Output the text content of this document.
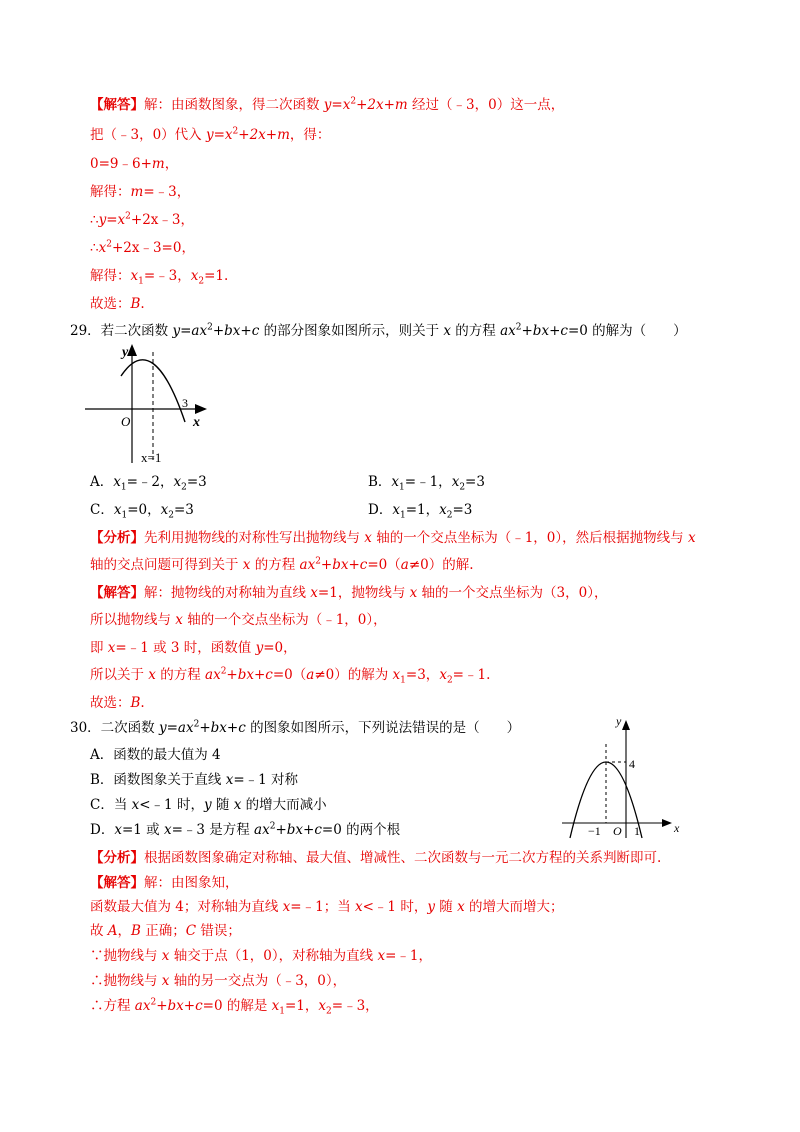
【解答】解：由函数图象，得二次函数 $y=x^2+2x+m$ 经过（﹣3，0）这一点，
把（﹣3，0）代入 $y=x^2+2x+m$，得：
0=9﹣6+m，
解得：m=﹣3，
$\therefore y=x^2+2x﹣3$，
$\therefore x^2+2x﹣3=0$，
解得：$x_1=﹣3$，$x_2=1$.
故选：B.
29．若二次函数 $y=ax^2+bx+c$ 的部分图象如图所示，则关于 x 的方程 $ax^2+bx+c=0$ 的解为（　　）
y
x
O
3
x=1
A．$x_1=﹣2$，$x_2=3$	B．$x_1=﹣1$，$x_2=3$
C．$x_1=0$，$x_2=3$	D．$x_1=1$，$x_2=3$
【分析】先利用抛物线的对称性写出抛物线与 x 轴的一个交点坐标为（﹣1，0），然后根据抛物线与 x
轴的交点问题可得到关于 x 的方程 $ax^2+bx+c=0(a\ne 0)$的解.
【解答】解：抛物线的对称轴为直线 x=1，抛物线与 x 轴的一个交点坐标为（3，0），
所以抛物线与 x 轴的一个交点坐标为（﹣1，0），
即 x=﹣1 或 3 时，函数值 y=0，
所以关于 x 的方程 $ax^2+bx+c=0(a\ne 0)$的解为 $x_1=3$，$x_2=﹣1$.
故选：B.
30．二次函数 $y=ax^2+bx+c$ 的图象如图所示，下列说法错误的是（　　）
A．函数的最大值为 4
B．函数图象关于直线 x=﹣1 对称
C．当 x<﹣1 时，y 随 x 的增大而减小
D．x=1 或 x=﹣3 是方程 $ax^2+bx+c=0$ 的两个根
y
x
4
−1 O 1
【分析】根据函数图象确定对称轴、最大值、增减性、二次函数与一元二次方程的关系判断即可.
【解答】解：由图象知，
函数最大值为 4；对称轴为直线 x=﹣1；当 x<﹣1 时，y 随 x 的增大而增大；
故 A，B 正确；C 错误；
∵抛物线与 x 轴交于点（1，0），对称轴为直线 x=﹣1，
∴抛物线与 x 轴的另一交点为（﹣3，0），
∴方程 $ax^2+bx+c=0$ 的解是 $x_1=1$，$x_2=﹣3$，
